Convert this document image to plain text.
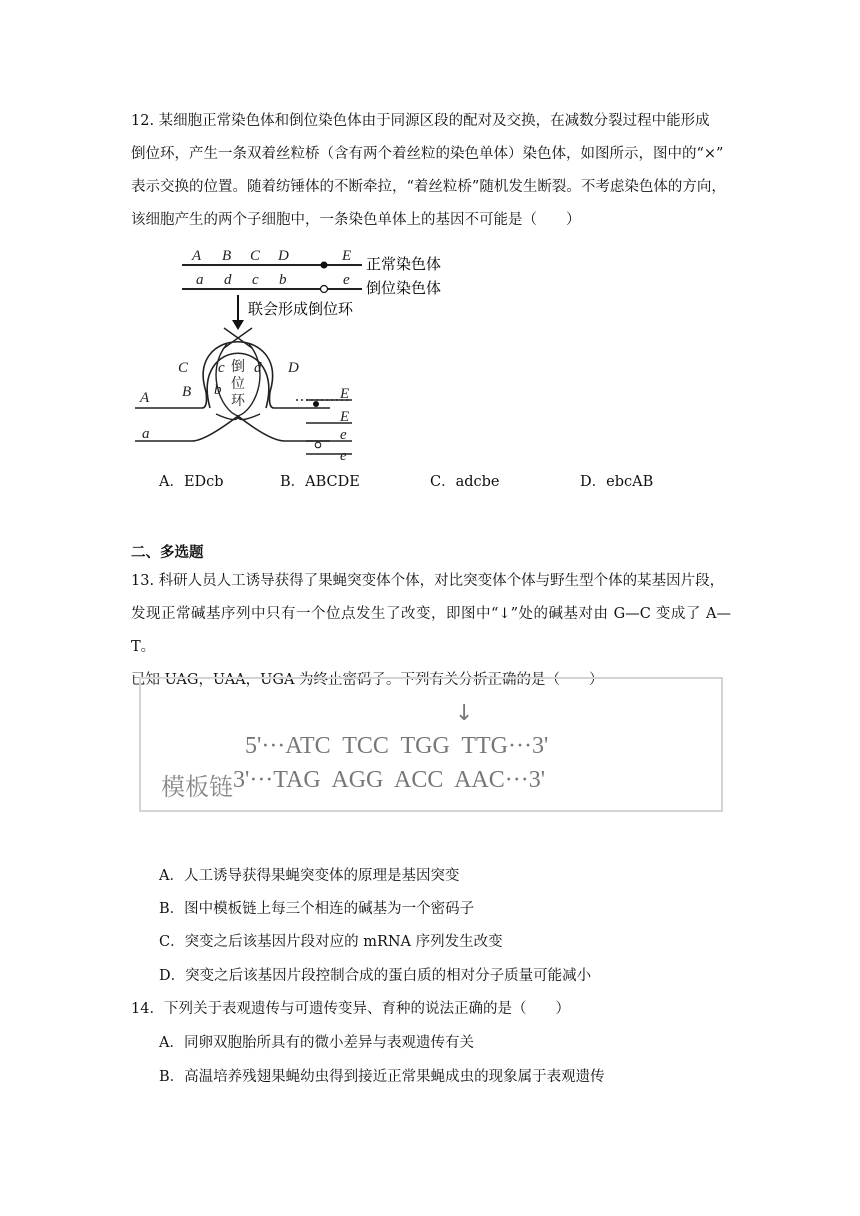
12. 某细胞正常染色体和倒位染色体由于同源区段的配对及交换，在减数分裂过程中能形成
倒位环，产生一条双着丝粒桥（含有两个着丝粒的染色单体）染色体，如图所示，图中的“×”
表示交换的位置。随着纺锤体的不断牵拉，“着丝粒桥”随机发生断裂。不考虑染色体的方向，
该细胞产生的两个子细胞中，一条染色单体上的基因不可能是（　　）
A B C D	E
a d c b	e
正常染色体
倒位染色体
联会形成倒位环
A B
C	D
c
b
d
a
倒
位
环	E
E
e
e
A．EDcb	B．ABCDE	C．adcbe	D．ebcAB
二、多选题
13. 科研人员人工诱导获得了果蝇突变体个体，对比突变体个体与野生型个体的某基因片段，
发现正常碱基序列中只有一个位点发生了改变，即图中“↓”处的碱基对由 G—C 变成了 A—T。
已知 UAG，UAA，UGA 为终止密码子。下列有关分析正确的是（　　）
↓
5'···ATC  TCC  TGG  TTG···3'
模板链 3'···TAG  AGG  ACC  AAC···3'
A．人工诱导获得果蝇突变体的原理是基因突变
B．图中模板链上每三个相连的碱基为一个密码子
C．突变之后该基因片段对应的 mRNA 序列发生改变
D．突变之后该基因片段控制合成的蛋白质的相对分子质量可能减小
14．下列关于表观遗传与可遗传变异、育种的说法正确的是（　　）
A．同卵双胞胎所具有的微小差异与表观遗传有关
B．高温培养残翅果蝇幼虫得到接近正常果蝇成虫的现象属于表观遗传
